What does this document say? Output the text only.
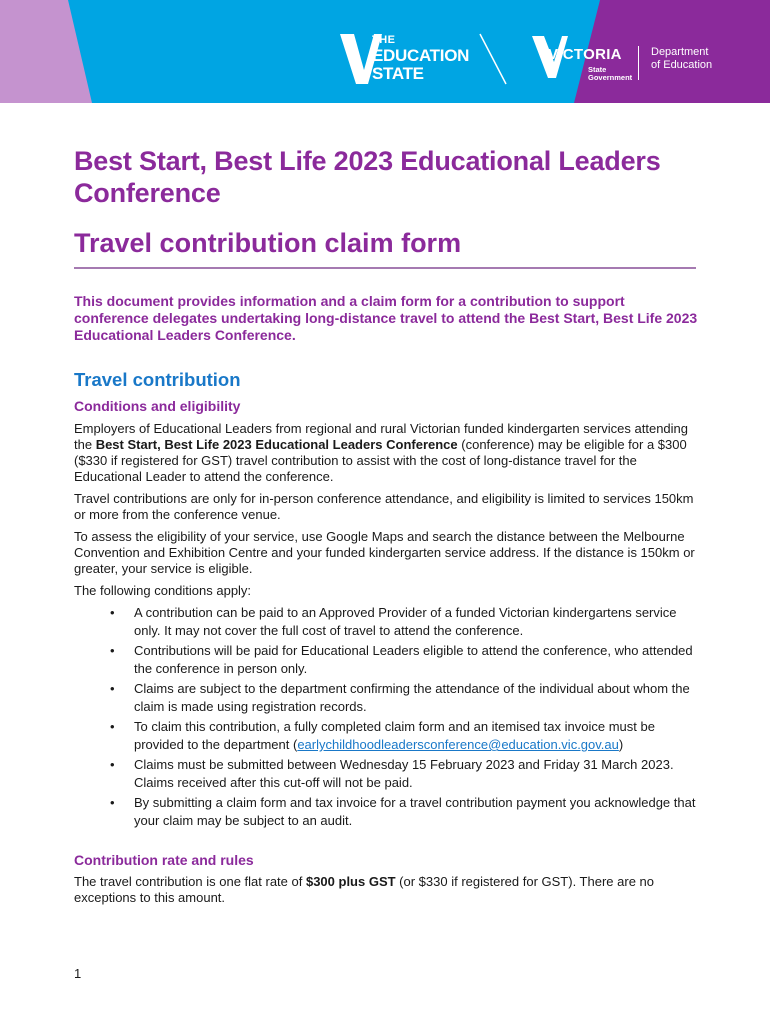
THE
EDUCATION
STATE
VICTORIA
State
Government
Department
of Education
Best Start, Best Life 2023 Educational Leaders Conference
Travel contribution claim form

This document provides information and a claim form for a contribution to support conference delegates undertaking long-distance travel to attend the Best Start, Best Life 2023 Educational Leaders Conference.

Travel contribution
Conditions and eligibility

Employers of Educational Leaders from regional and rural Victorian funded kindergarten services attending the Best Start, Best Life 2023 Educational Leaders Conference (conference) may be eligible for a $300 ($330 if registered for GST) travel contribution to assist with the cost of long-distance travel for the Educational Leader to attend the conference.

Travel contributions are only for in-person conference attendance, and eligibility is limited to services 150km or more from the conference venue.

To assess the eligibility of your service, use Google Maps and search the distance between the Melbourne Convention and Exhibition Centre and your funded kindergarten service address. If the distance is 150km or greater, your service is eligible.

The following conditions apply:

• A contribution can be paid to an Approved Provider of a funded Victorian kindergartens service only. It may not cover the full cost of travel to attend the conference.
• Contributions will be paid for Educational Leaders eligible to attend the conference, who attended the conference in person only.
• Claims are subject to the department confirming the attendance of the individual about whom the claim is made using registration records.
• To claim this contribution, a fully completed claim form and an itemised tax invoice must be provided to the department (earlychildhoodleadersconference@education.vic.gov.au)
• Claims must be submitted between Wednesday 15 February 2023 and Friday 31 March 2023. Claims received after this cut-off will not be paid.
• By submitting a claim form and tax invoice for a travel contribution payment you acknowledge that your claim may be subject to an audit.
Contribution rate and rules

The travel contribution is one flat rate of $300 plus GST (or $330 if registered for GST). There are no exceptions to this amount.

1
